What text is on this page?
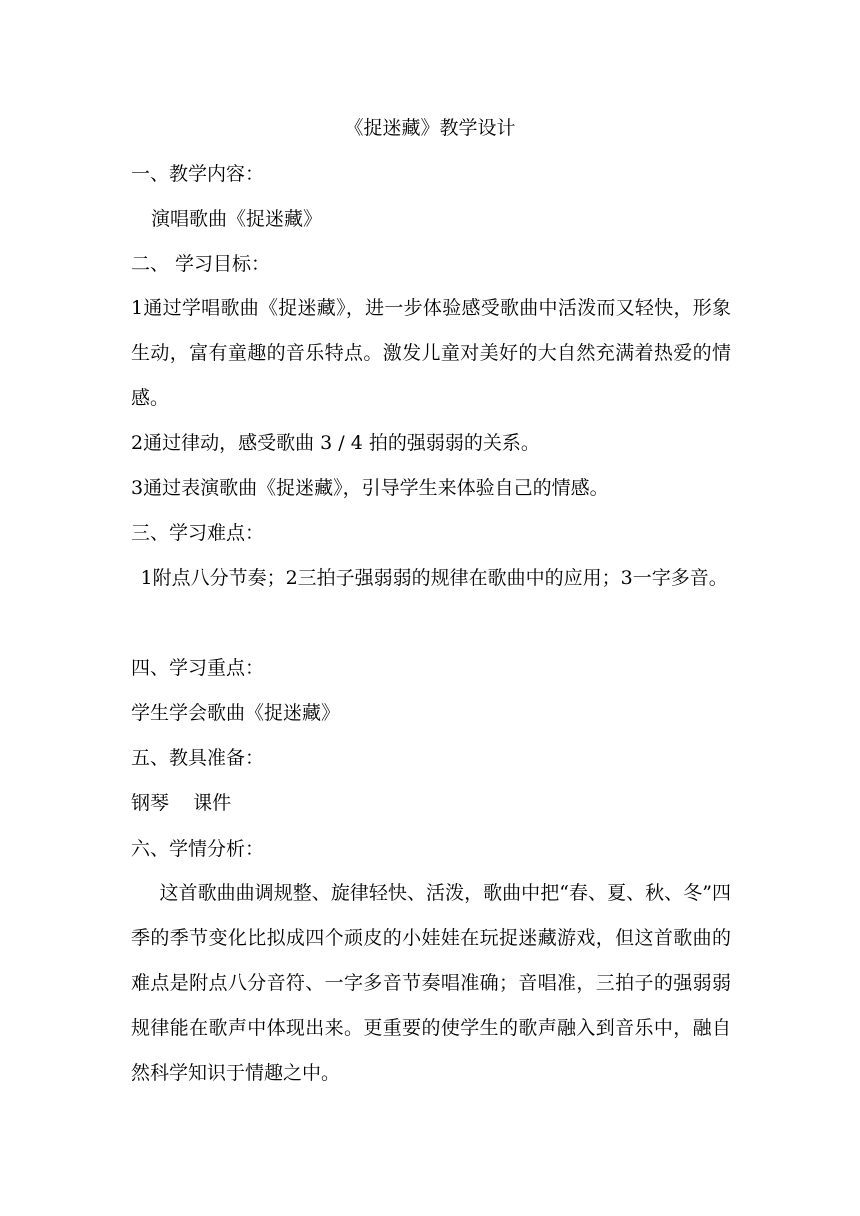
《捉迷藏》教学设计
一、教学内容：
演唱歌曲《捉迷藏》
二、 学习目标：
1通过学唱歌曲《捉迷藏》，进一步体验感受歌曲中活泼而又轻快，形象生动，富有童趣的音乐特点。激发儿童对美好的大自然充满着热爱的情感。
2通过律动，感受歌曲 3 / 4 拍的强弱弱的关系。
3通过表演歌曲《捉迷藏》，引导学生来体验自己的情感。
三、学习难点：
1附点八分节奏；2三拍子强弱弱的规律在歌曲中的应用；3一字多音。
四、学习重点：
学生学会歌曲《捉迷藏》
五、教具准备：
钢琴    课件
六、学情分析：
这首歌曲曲调规整、旋律轻快、活泼，歌曲中把“春、夏、秋、冬”四季的季节变化比拟成四个顽皮的小娃娃在玩捉迷藏游戏，但这首歌曲的难点是附点八分音符、一字多音节奏唱准确；音唱准，三拍子的强弱弱规律能在歌声中体现出来。更重要的使学生的歌声融入到音乐中，融自然科学知识于情趣之中。
